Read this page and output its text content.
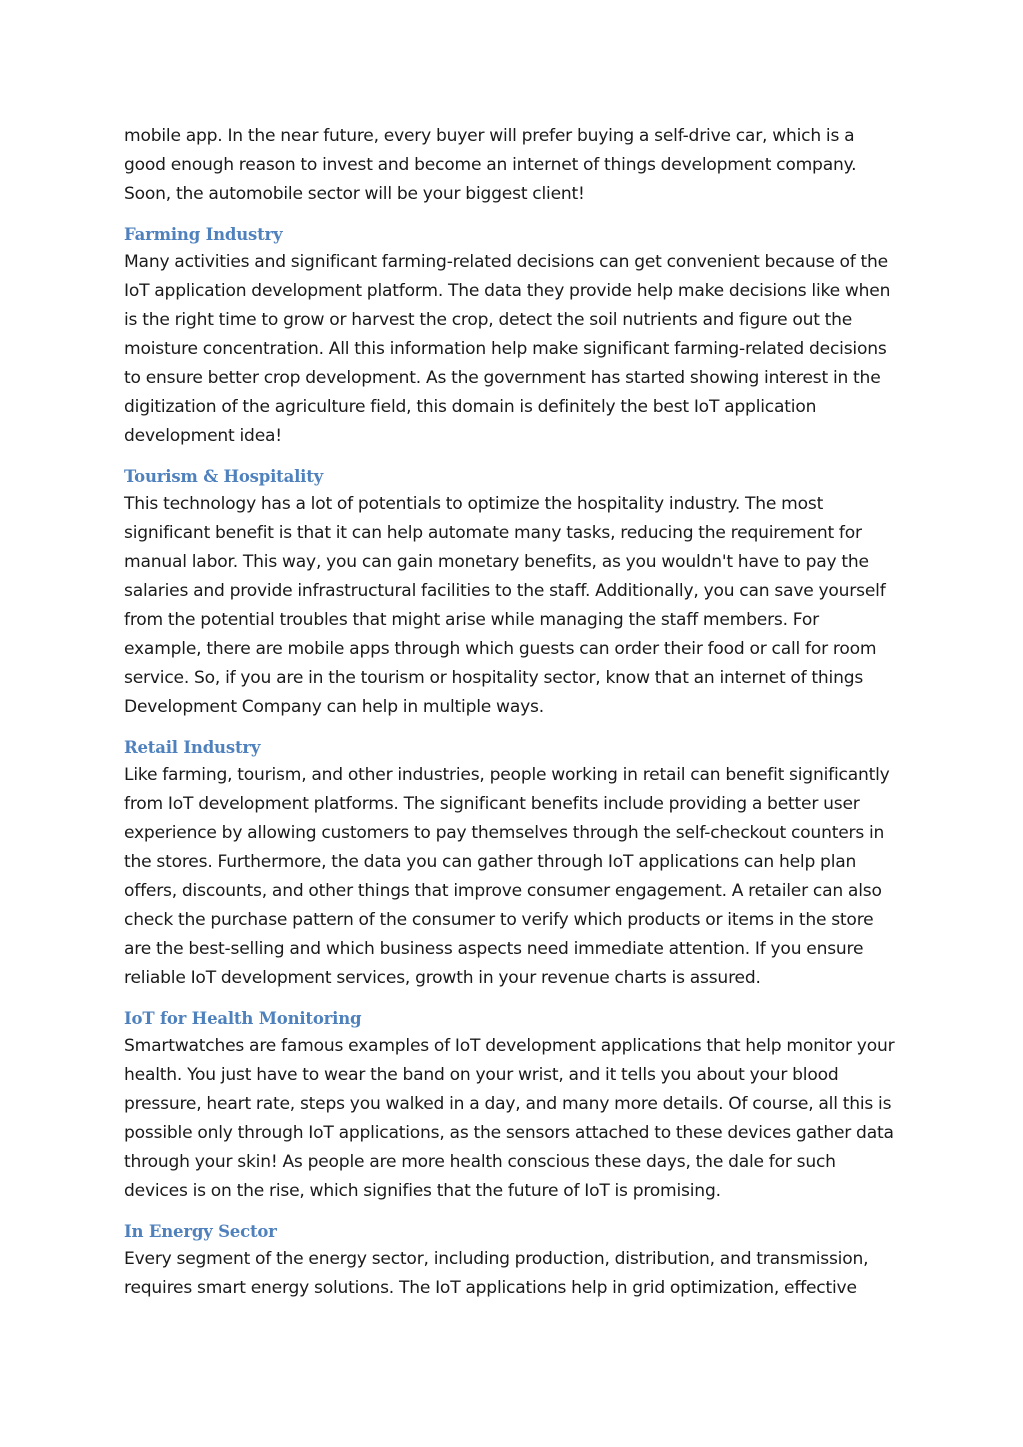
mobile app. In the near future, every buyer will prefer buying a self-drive car, which is a
good enough reason to invest and become an internet of things development company.
Soon, the automobile sector will be your biggest client!

Farming Industry

Many activities and significant farming-related decisions can get convenient because of the
IoT application development platform. The data they provide help make decisions like when
is the right time to grow or harvest the crop, detect the soil nutrients and figure out the
moisture concentration. All this information help make significant farming-related decisions
to ensure better crop development. As the government has started showing interest in the
digitization of the agriculture field, this domain is definitely the best IoT application
development idea!

Tourism & Hospitality

This technology has a lot of potentials to optimize the hospitality industry. The most
significant benefit is that it can help automate many tasks, reducing the requirement for
manual labor. This way, you can gain monetary benefits, as you wouldn't have to pay the
salaries and provide infrastructural facilities to the staff. Additionally, you can save yourself
from the potential troubles that might arise while managing the staff members. For
example, there are mobile apps through which guests can order their food or call for room
service. So, if you are in the tourism or hospitality sector, know that an internet of things
Development Company can help in multiple ways.

Retail Industry

Like farming, tourism, and other industries, people working in retail can benefit significantly
from IoT development platforms. The significant benefits include providing a better user
experience by allowing customers to pay themselves through the self-checkout counters in
the stores. Furthermore, the data you can gather through IoT applications can help plan
offers, discounts, and other things that improve consumer engagement. A retailer can also
check the purchase pattern of the consumer to verify which products or items in the store
are the best-selling and which business aspects need immediate attention. If you ensure
reliable IoT development services, growth in your revenue charts is assured.

IoT for Health Monitoring

Smartwatches are famous examples of IoT development applications that help monitor your
health. You just have to wear the band on your wrist, and it tells you about your blood
pressure, heart rate, steps you walked in a day, and many more details. Of course, all this is
possible only through IoT applications, as the sensors attached to these devices gather data
through your skin! As people are more health conscious these days, the dale for such
devices is on the rise, which signifies that the future of IoT is promising.

In Energy Sector

Every segment of the energy sector, including production, distribution, and transmission,
requires smart energy solutions. The IoT applications help in grid optimization, effective
